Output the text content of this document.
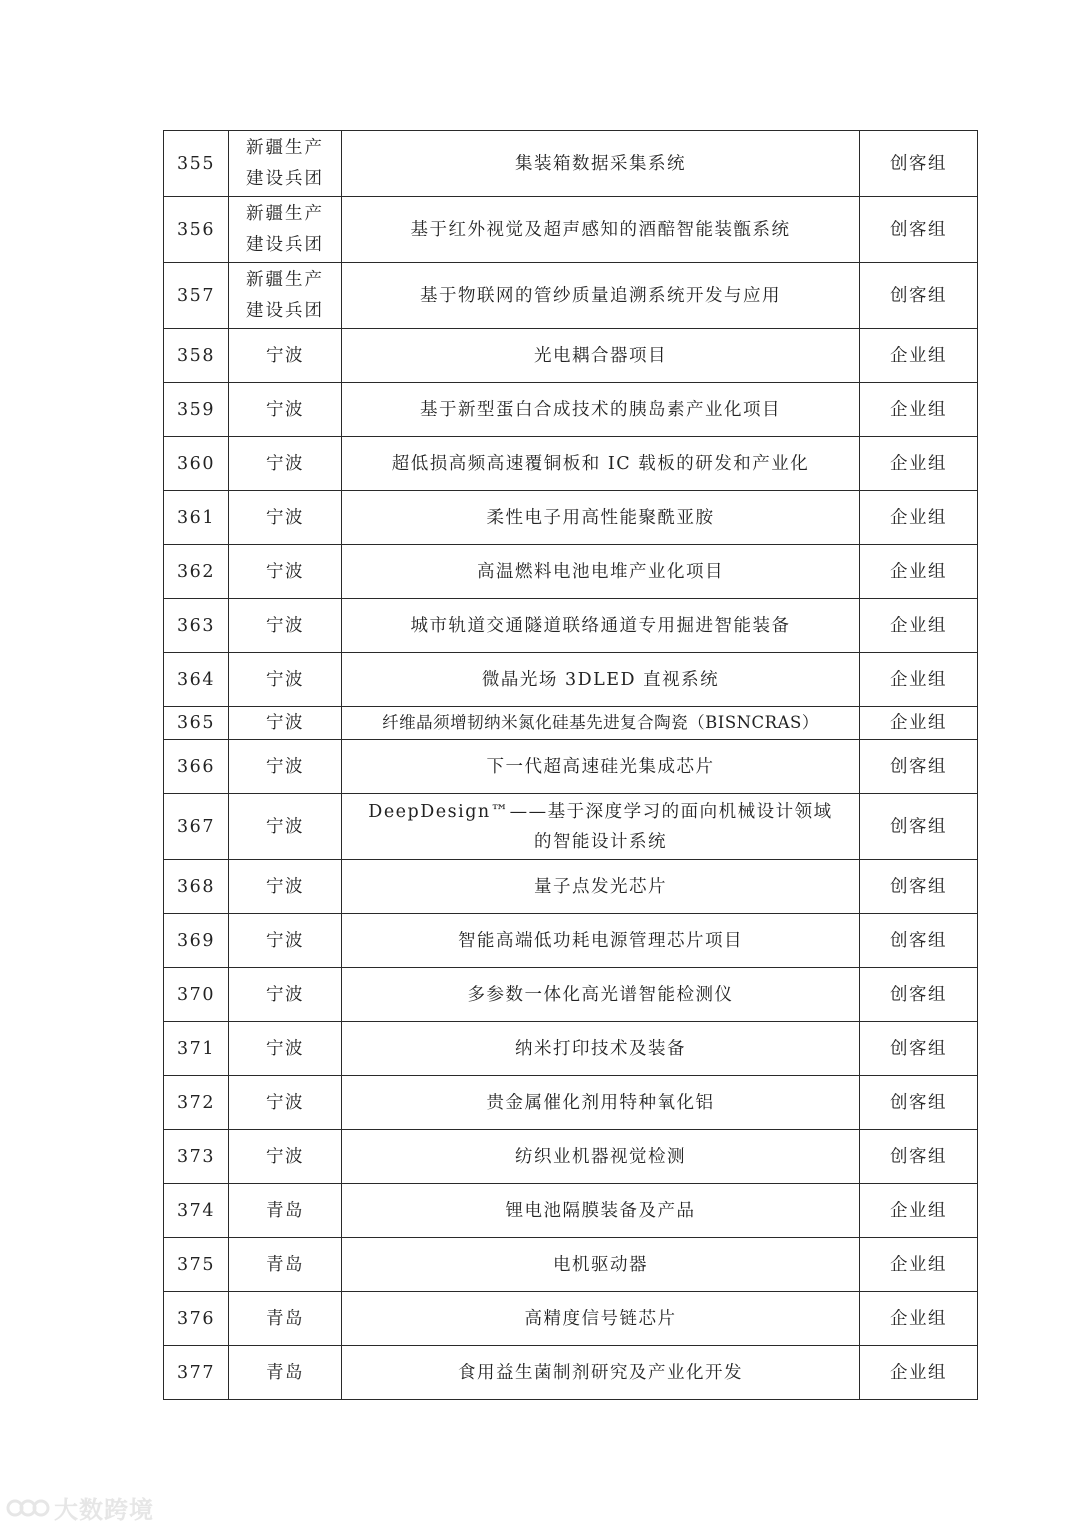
355	新疆生产建设兵团	集装箱数据采集系统	创客组
356	新疆生产建设兵团	基于红外视觉及超声感知的酒醅智能装甑系统	创客组
357	新疆生产建设兵团	基于物联网的管纱质量追溯系统开发与应用	创客组
358	宁波	光电耦合器项目	企业组
359	宁波	基于新型蛋白合成技术的胰岛素产业化项目	企业组
360	宁波	超低损高频高速覆铜板和 IC 载板的研发和产业化	企业组
361	宁波	柔性电子用高性能聚酰亚胺	企业组
362	宁波	高温燃料电池电堆产业化项目	企业组
363	宁波	城市轨道交通隧道联络通道专用掘进智能装备	企业组
364	宁波	微晶光场 3DLED 直视系统	企业组
365	宁波	纤维晶须增韧纳米氮化硅基先进复合陶瓷（BISNCRAS）	企业组
366	宁波	下一代超高速硅光集成芯片	创客组
367	宁波	DeepDesign™——基于深度学习的面向机械设计领域的智能设计系统	创客组
368	宁波	量子点发光芯片	创客组
369	宁波	智能高端低功耗电源管理芯片项目	创客组
370	宁波	多参数一体化高光谱智能检测仪	创客组
371	宁波	纳米打印技术及装备	创客组
372	宁波	贵金属催化剂用特种氧化铝	创客组
373	宁波	纺织业机器视觉检测	创客组
374	青岛	锂电池隔膜装备及产品	企业组
375	青岛	电机驱动器	企业组
376	青岛	高精度信号链芯片	企业组
377	青岛	食用益生菌制剂研究及产业化开发	企业组
大数跨境
